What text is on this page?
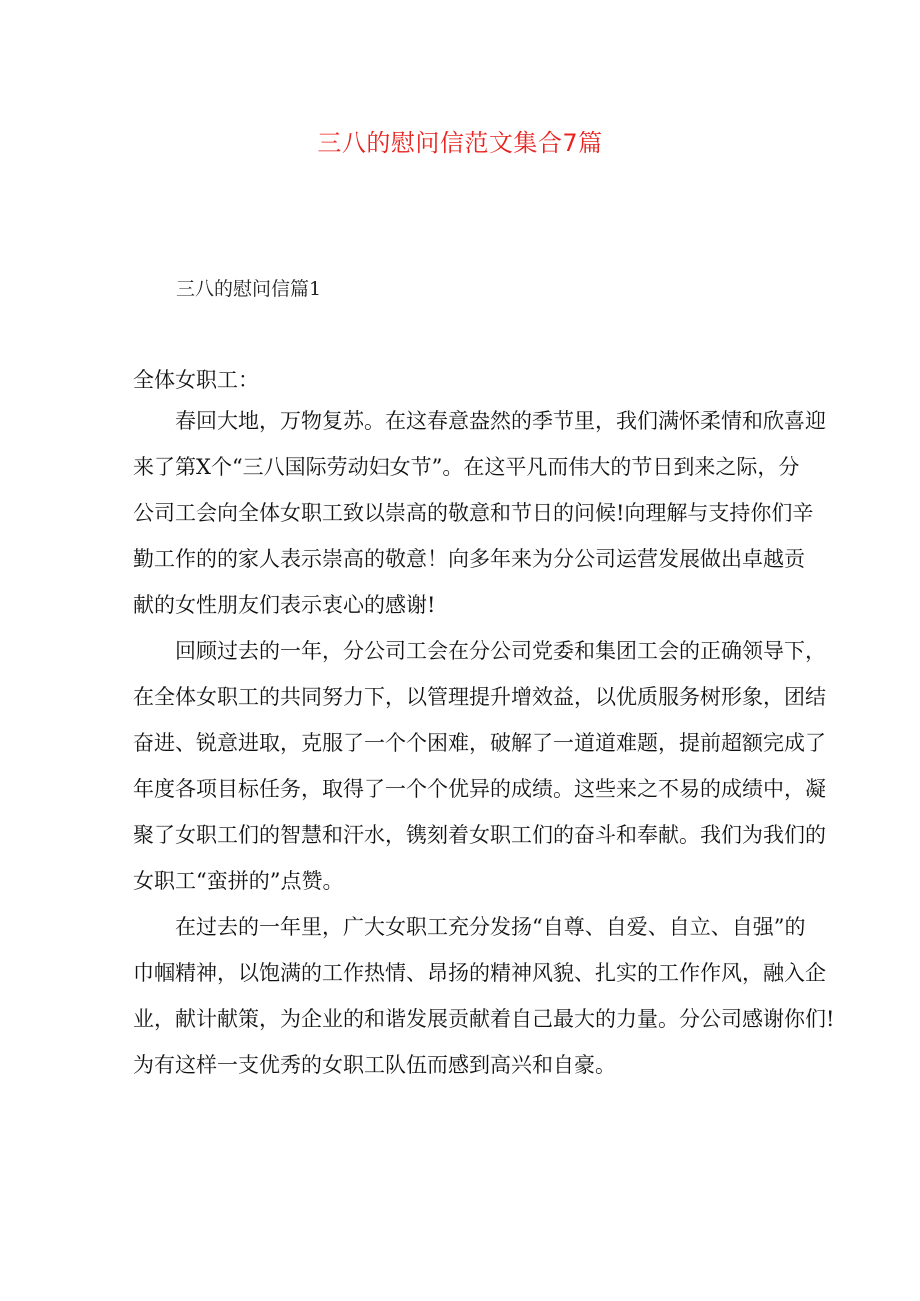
三八的慰问信范文集合7篇
三八的慰问信篇1
全体女职工：
春回大地，万物复苏。在这春意盎然的季节里，我们满怀柔情和欣喜迎
来了第X个“三八国际劳动妇女节”。在这平凡而伟大的节日到来之际，分
公司工会向全体女职工致以崇高的敬意和节日的问候!向理解与支持你们辛
勤工作的的家人表示崇高的敬意！向多年来为分公司运营发展做出卓越贡
献的女性朋友们表示衷心的感谢!
回顾过去的一年，分公司工会在分公司党委和集团工会的正确领导下，
在全体女职工的共同努力下，以管理提升增效益，以优质服务树形象，团结
奋进、锐意进取，克服了一个个困难，破解了一道道难题，提前超额完成了
年度各项目标任务，取得了一个个优异的成绩。这些来之不易的成绩中，凝
聚了女职工们的智慧和汗水，镌刻着女职工们的奋斗和奉献。我们为我们的
女职工“蛮拼的”点赞。
在过去的一年里，广大女职工充分发扬“自尊、自爱、自立、自强”的
巾帼精神，以饱满的工作热情、昂扬的精神风貌、扎实的工作作风，融入企
业，献计献策，为企业的和谐发展贡献着自己最大的力量。分公司感谢你们!
为有这样一支优秀的女职工队伍而感到高兴和自豪。
